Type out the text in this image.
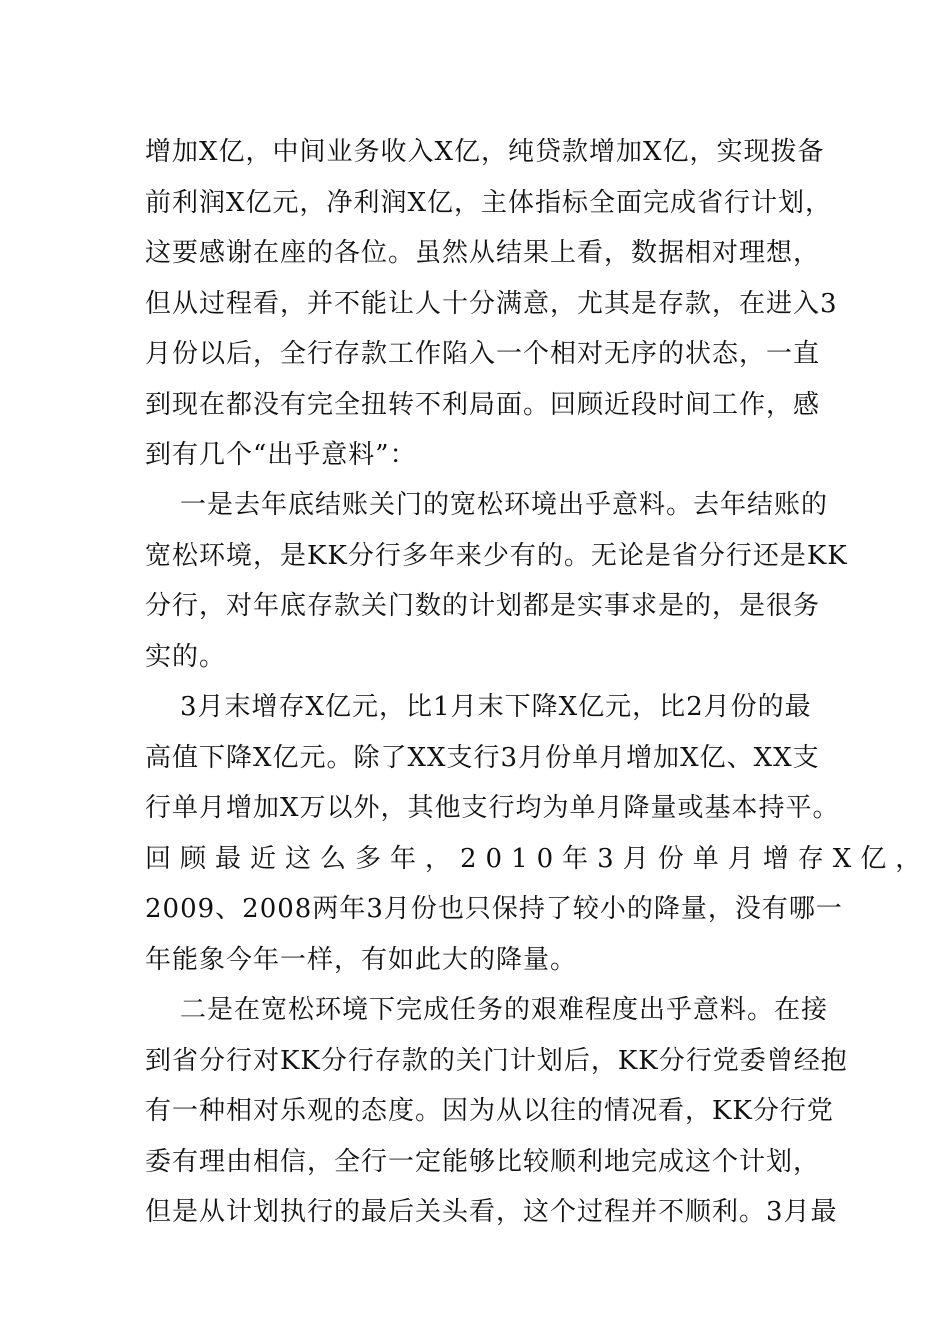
增加X亿，中间业务收入X亿，纯贷款增加X亿，实现拨备
前利润X亿元，净利润X亿，主体指标全面完成省行计划，
这要感谢在座的各位。虽然从结果上看，数据相对理想，
但从过程看，并不能让人十分满意，尤其是存款，在进入3
月份以后，全行存款工作陷入一个相对无序的状态，一直
到现在都没有完全扭转不利局面。回顾近段时间工作，感
到有几个“出乎意料”：
一是去年底结账关门的宽松环境出乎意料。去年结账的
宽松环境，是KK分行多年来少有的。无论是省分行还是KK
分行，对年底存款关门数的计划都是实事求是的，是很务
实的。
3月末增存X亿元，比1月末下降X亿元，比2月份的最
高值下降X亿元。除了XX支行3月份单月增加X亿、XX支
行单月增加X万以外，其他支行均为单月降量或基本持平。
回顾最近这么多年，2010年3月份单月增存X亿，
2009、2008两年3月份也只保持了较小的降量，没有哪一
年能象今年一样，有如此大的降量。
二是在宽松环境下完成任务的艰难程度出乎意料。在接
到省分行对KK分行存款的关门计划后，KK分行党委曾经抱
有一种相对乐观的态度。因为从以往的情况看，KK分行党
委有理由相信，全行一定能够比较顺利地完成这个计划，
但是从计划执行的最后关头看，这个过程并不顺利。3月最
